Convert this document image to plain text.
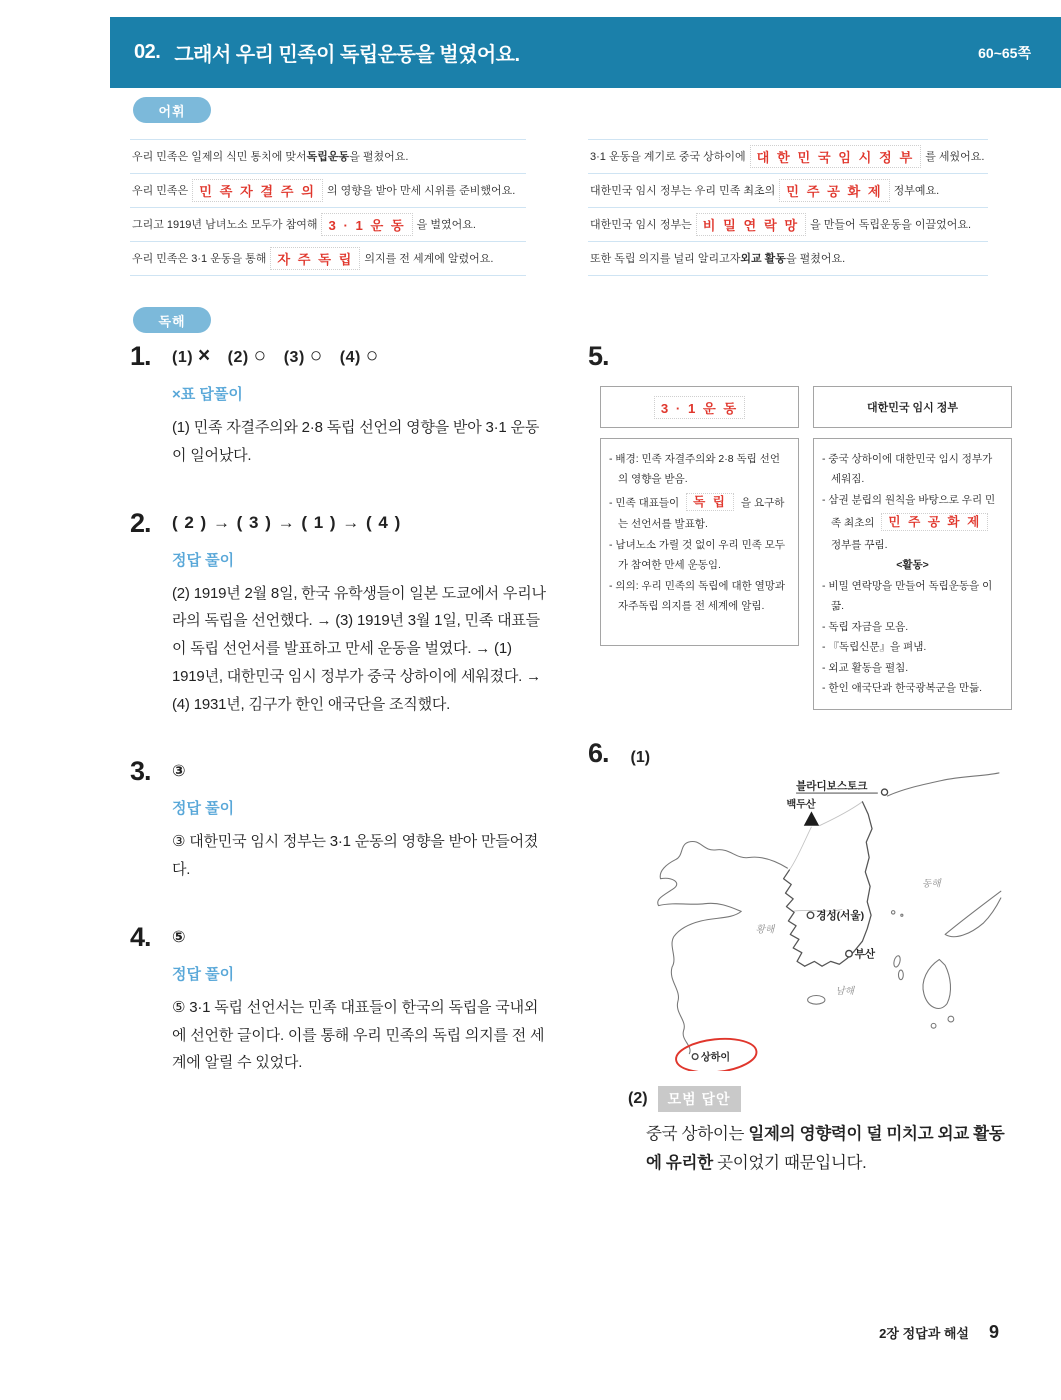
02. 그래서 우리 민족이 독립운동을 벌였어요.	60~65쪽
어휘
우리 민족은 일제의 식민 통치에 맞서 독립운동 을 펼쳤어요.
우리 민족은 민 족 자 결 주 의	의 영향을 받아 만세 시위를 준비했어요.
그리고 1919년 남녀노소 모두가 참여해 3 · 1 운 동	을 벌였어요.
우리 민족은 3·1 운동을 통해 자 주 독 립	의지를 전 세계에 알렸어요.
3·1 운동을 계기로 중국 상하이에 대 한 민 국 임 시 정 부	를 세웠어요.
대한민국 임시 정부는 우리 민족 최초의 민 주 공 화 제	정부예요.
대한민국 임시 정부는 비 밀 연 락 망	을 만들어 독립운동을 이끌었어요.
또한 독립 의지를 널리 알리고자 외교 활동 을 펼쳤어요.
독해
1.	(1) ×  (2) ○  (3) ○  (4) ○
×표 답풀이
(1) 민족 자결주의와 2·8 독립 선언의 영향을 받아 3·1 운동이 일어났다.
2.	( 2 ) → ( 3 ) → ( 1 ) → ( 4 )
정답 풀이
(2) 1919년 2월 8일, 한국 유학생들이 일본 도쿄에서 우리나라의 독립을 선언했다. → (3) 1919년 3월 1일, 민족 대표들이 독립 선언서를 발표하고 만세 운동을 벌였다. → (1) 1919년, 대한민국 임시 정부가 중국 상하이에 세워졌다. → (4) 1931년, 김구가 한인 애국단을 조직했다.
3.	③
정답 풀이
③ 대한민국 임시 정부는 3·1 운동의 영향을 받아 만들어졌다.
4.	⑤
정답 풀이
⑤ 3·1 독립 선언서는 민족 대표들이 한국의 독립을 국내외에 선언한 글이다. 이를 통해 우리 민족의 독립 의지를 전 세계에 알릴 수 있었다.
5.
3 · 1 운 동
- 배경: 민족 자결주의와 2·8 독립 선언의 영향을 받음.
- 민족 대표들이 독 립 을 요구하는 선언서를 발표함.
- 남녀노소 가릴 것 없이 우리 민족 모두가 참여한 만세 운동임.
- 의의: 우리 민족의 독립에 대한 열망과 자주독립 의지를 전 세계에 알림.
대한민국 임시 정부
- 중국 상하이에 대한민국 임시 정부가 세워짐.
- 삼권 분립의 원칙을 바탕으로 우리 민족 최초의 민 주 공 화 제 정부를 꾸림.
<활동>
- 비밀 연락망을 만들어 독립운동을 이끎.
- 독립 자금을 모음.
- 『독립신문』을 펴냄.
- 외교 활동을 펼침.
- 한인 애국단과 한국광복군을 만듦.
6. (1)
백두산
블라디보스토크
동해
황해
남해
경성(서울)
부산
상하이
(2)	모범 답안
중국 상하이는 일제의 영향력이 덜 미치고 외교 활동에 유리한 곳이었기 때문입니다.
2장 정답과 해설 9
